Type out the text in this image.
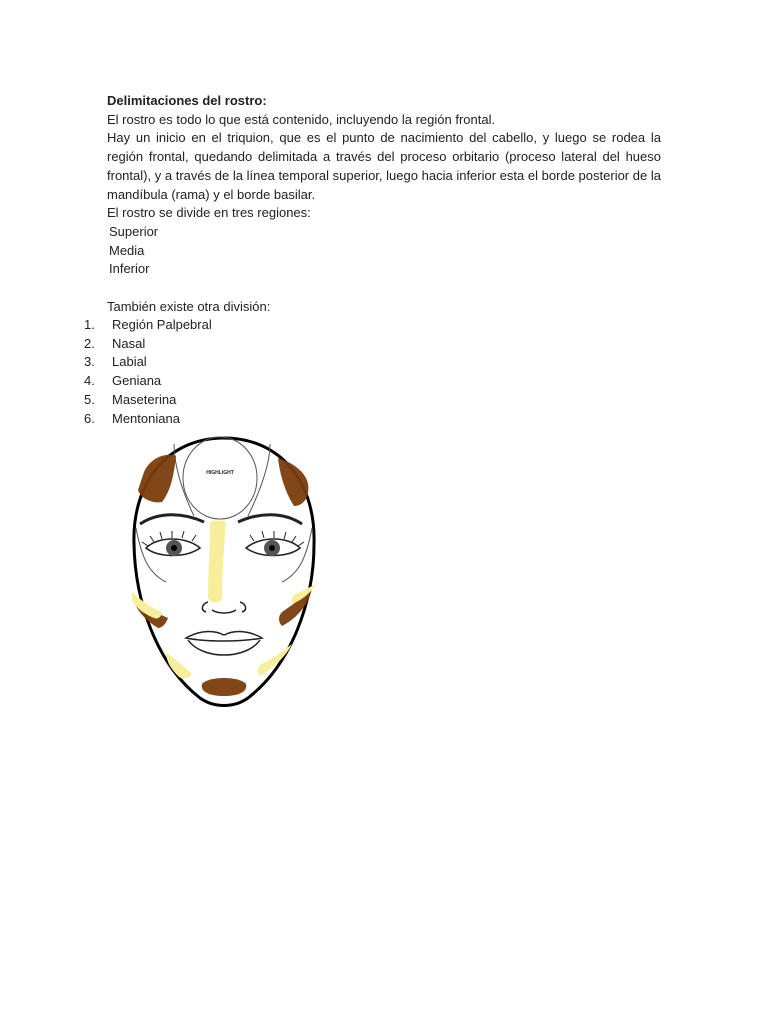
Delimitaciones del rostro:
El rostro es todo lo que está contenido, incluyendo la región frontal.
Hay un inicio en el triquion, que es el punto de nacimiento del cabello, y luego se rodea la región frontal, quedando delimitada a través del proceso orbitario (proceso lateral del hueso frontal), y a través de la línea temporal superior, luego hacia inferior esta el borde posterior de la mandíbula (rama) y el borde basilar.
El rostro se divide en tres regiones:
Superior
Media
Inferior
También existe otra división:
1. Región Palpebral
2. Nasal
3. Labial
4. Geniana
5. Maseterina
6. Mentoniana
HIGHLIGHT
